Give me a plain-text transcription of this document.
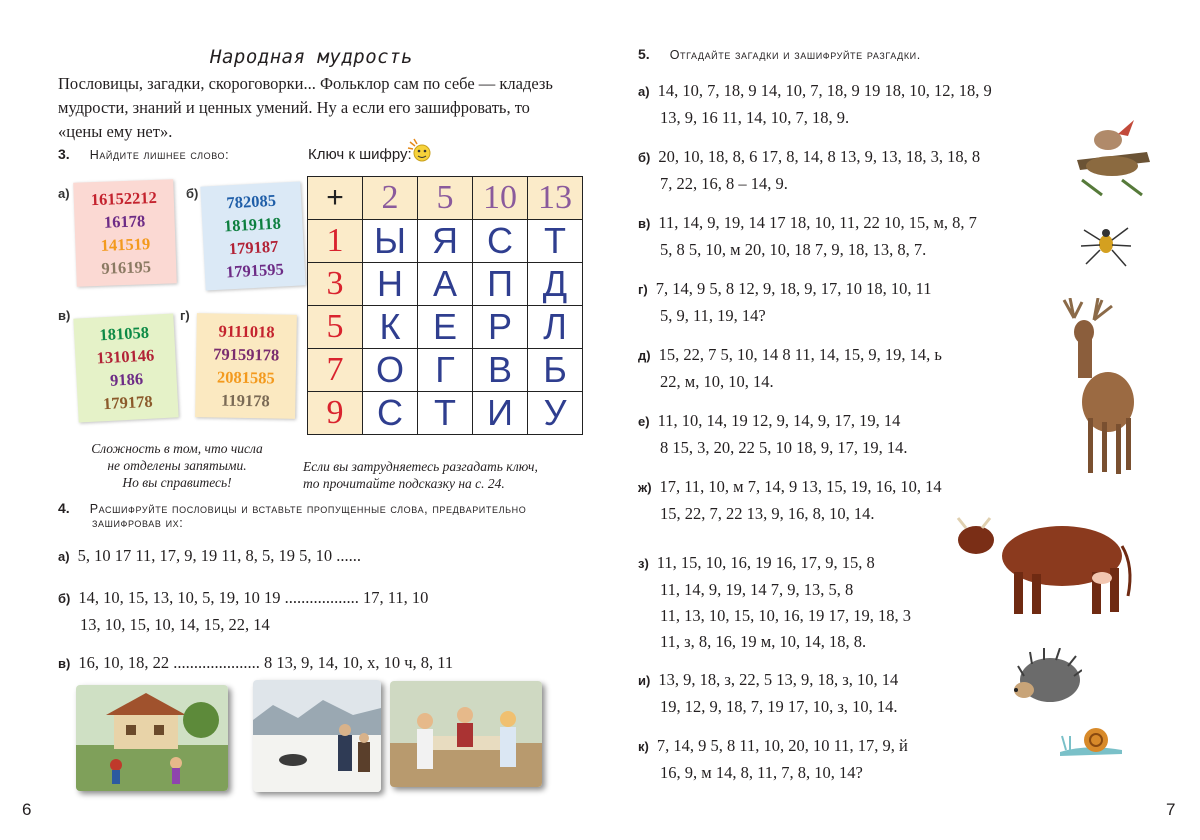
Народная мудрость
Пословицы, загадки, скороговорки... Фольклор сам по себе — кладезь мудрости, знаний и ценных умений. Ну а если его зашифровать, то «цены ему нет».
3. Найдите лишнее слово:	Ключ к шифру:
а)	16152212
16178
141519
916195
б)	782085
1819118
179187
1791595
в)
181058
1310146
9186
179178
г)
9111018
79159178
2081585
119178
+	2	5	10	13
1	Ы	Я	С	Т
3	Н	А	П	Д
5	К	Е	Р	Л
7	О	Г	В	Б
9	С	Т	И	У
Сложность в том, что числа
не отделены запятыми.
Но вы справитесь!
Если вы затрудняетесь разгадать ключ,
то прочитайте подсказку на с. 24.
4. Расшифруйте пословицы и вставьте пропущенные слова, предварительно
зашифровав их:
а) 5, 10 17 11, 17, 9, 19 11, 8, 5, 19 5, 10 ......
б) 14, 10, 15, 13, 10, 5, 19, 10 19 .................. 17, 11, 10
13, 10, 15, 10, 14, 15, 22, 14
в) 16, 10, 18, 22 ..................... 8 13, 9, 14, 10, х, 10 ч, 8, 11
6
5. Отгадайте загадки и зашифруйте разгадки.
а) 14, 10, 7, 18, 9 14, 10, 7, 18, 9 19 18, 10, 12, 18, 9
13, 9, 16 11, 14, 10, 7, 18, 9.
б) 20, 10, 18, 8, 6 17, 8, 14, 8 13, 9, 13, 18, 3, 18, 8
7, 22, 16, 8 – 14, 9.
в) 11, 14, 9, 19, 14 17 18, 10, 11, 22 10, 15, м, 8, 7
5, 8 5, 10, м 20, 10, 18 7, 9, 18, 13, 8, 7.
г) 7, 14, 9 5, 8 12, 9, 18, 9, 17, 10 18, 10, 11
5, 9, 11, 19, 14?
д) 15, 22, 7 5, 10, 14 8 11, 14, 15, 9, 19, 14, ь
22, м, 10, 10, 14.
е) 11, 10, 14, 19 12, 9, 14, 9, 17, 19, 14
8 15, 3, 20, 22 5, 10 18, 9, 17, 19, 14.
ж) 17, 11, 10, м 7, 14, 9 13, 15, 19, 16, 10, 14
15, 22, 7, 22 13, 9, 16, 8, 10, 14.
з) 11, 15, 10, 16, 19 16, 17, 9, 15, 8
11, 14, 9, 19, 14 7, 9, 13, 5, 8
11, 13, 10, 15, 10, 16, 19 17, 19, 18, 3
11, з, 8, 16, 19 м, 10, 14, 18, 8.
и) 13, 9, 18, з, 22, 5 13, 9, 18, з, 10, 14
19, 12, 9, 18, 7, 19 17, 10, з, 10, 14.
к) 7, 14, 9 5, 8 11, 10, 20, 10 11, 17, 9, й
16, 9, м 14, 8, 11, 7, 8, 10, 14?
7
